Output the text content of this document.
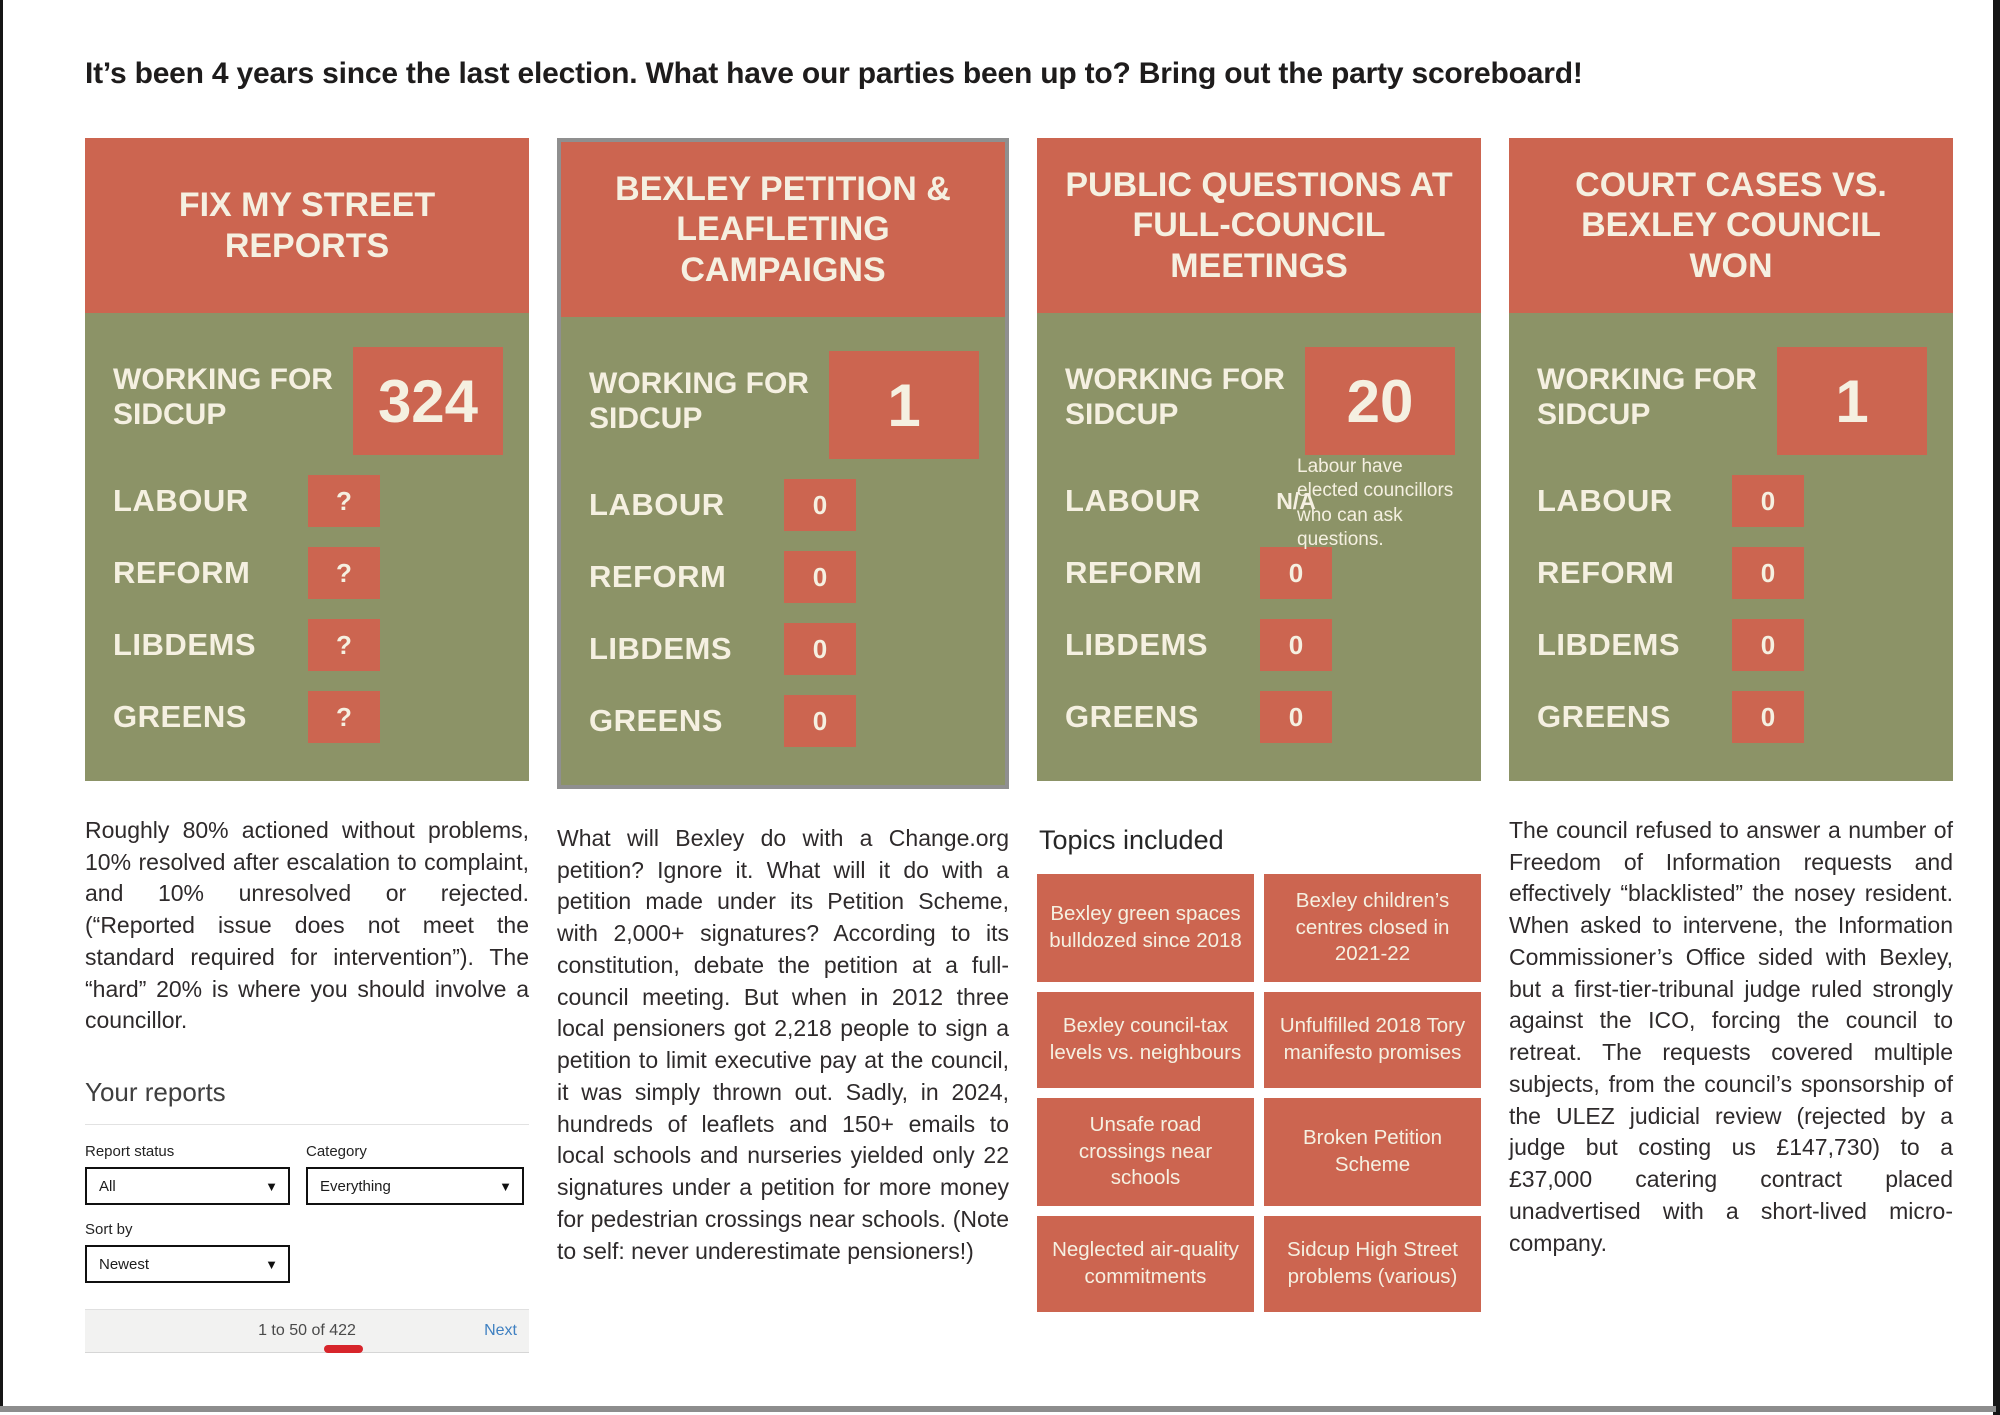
It’s been 4 years since the last election. What have our parties been up to? Bring out the party scoreboard!
FIX MY STREET REPORTS
WORKING FOR SIDCUP	324
LABOUR	?
REFORM	?
LIBDEMS	?
GREENS	?

Roughly 80% actioned without problems, 10% resolved after escalation to complaint, and 10% unresolved or rejected. (“Reported issue does not meet the standard required for intervention”). The “hard” 20% is where you should involve a councillor.

Your reports
Report status
All	▼
Category
Everything	▼
Sort by
Newest	▼
1 to 50 of 422	Next
BEXLEY PETITION & LEAFLETING CAMPAIGNS
WORKING FOR SIDCUP	1
LABOUR	0
REFORM	0
LIBDEMS	0
GREENS	0

What will Bexley do with a Change.org petition? Ignore it. What will it do with a petition made under its Petition Scheme, with 2,000+ signatures? According to its constitution, debate the petition at a full-council meeting. But when in 2012 three local pensioners got 2,218 people to sign a petition to limit executive pay at the council, it was simply thrown out. Sadly, in 2024, hundreds of leaflets and 150+ emails to local schools and nurseries yielded only 22 signatures under a petition for more money for pedestrian crossings near schools. (Note to self: never underestimate pensioners!)

PUBLIC QUESTIONS AT FULL-COUNCIL MEETINGS
WORKING FOR SIDCUP	20
Labour have elected councillors who can ask questions.
LABOUR	N/A
REFORM	0
LIBDEMS	0
GREENS	0
Topics included
Bexley green spaces bulldozed since 2018
Bexley children’s centres closed in 2021-22
Bexley council-tax levels vs. neighbours
Unfulfilled 2018 Tory manifesto promises
Unsafe road crossings near schools
Broken Petition Scheme
Neglected air-quality commitments
Sidcup High Street problems (various)
COURT CASES VS. BEXLEY COUNCIL WON
WORKING FOR SIDCUP	1
LABOUR	0
REFORM	0
LIBDEMS	0
GREENS	0

The council refused to answer a number of Freedom of Information requests and effectively “blacklisted” the nosey resident. When asked to intervene, the Information Commissioner’s Office sided with Bexley, but a first-tier-tribunal judge ruled strongly against the ICO, forcing the council to retreat. The requests covered multiple subjects, from the council’s sponsorship of the ULEZ judicial review (rejected by a judge but costing us £147,730) to a £37,000 catering contract placed unadvertised with a short-lived micro-company.
